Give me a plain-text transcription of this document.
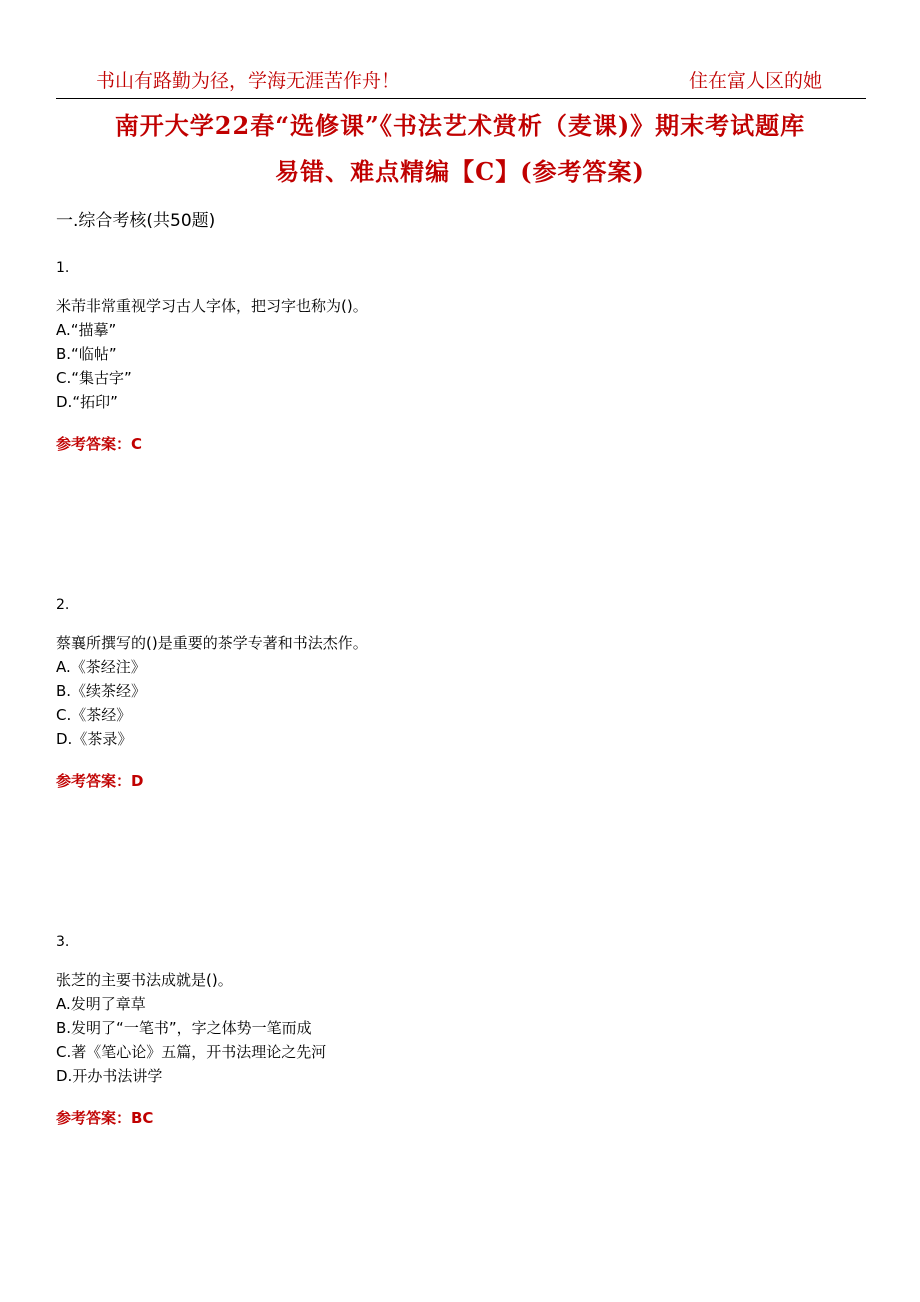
书山有路勤为径，学海无涯苦作舟！	住在富人区的她
南开大学22春“选修课”《书法艺术赏析（麦课)》期末考试题库
易错、难点精编【C】(参考答案)
一.综合考核(共50题)
1.
米芾非常重视学习古人字体，把习字也称为()。
A.“描摹”
B.“临帖”
C.“集古字”
D.“拓印”
参考答案：C
2.
蔡襄所撰写的()是重要的茶学专著和书法杰作。
A.《茶经注》
B.《续茶经》
C.《茶经》
D.《茶录》
参考答案：D
3.
张芝的主要书法成就是()。
A.发明了章草
B.发明了“一笔书”，字之体势一笔而成
C.著《笔心论》五篇，开书法理论之先河
D.开办书法讲学
参考答案：BC
